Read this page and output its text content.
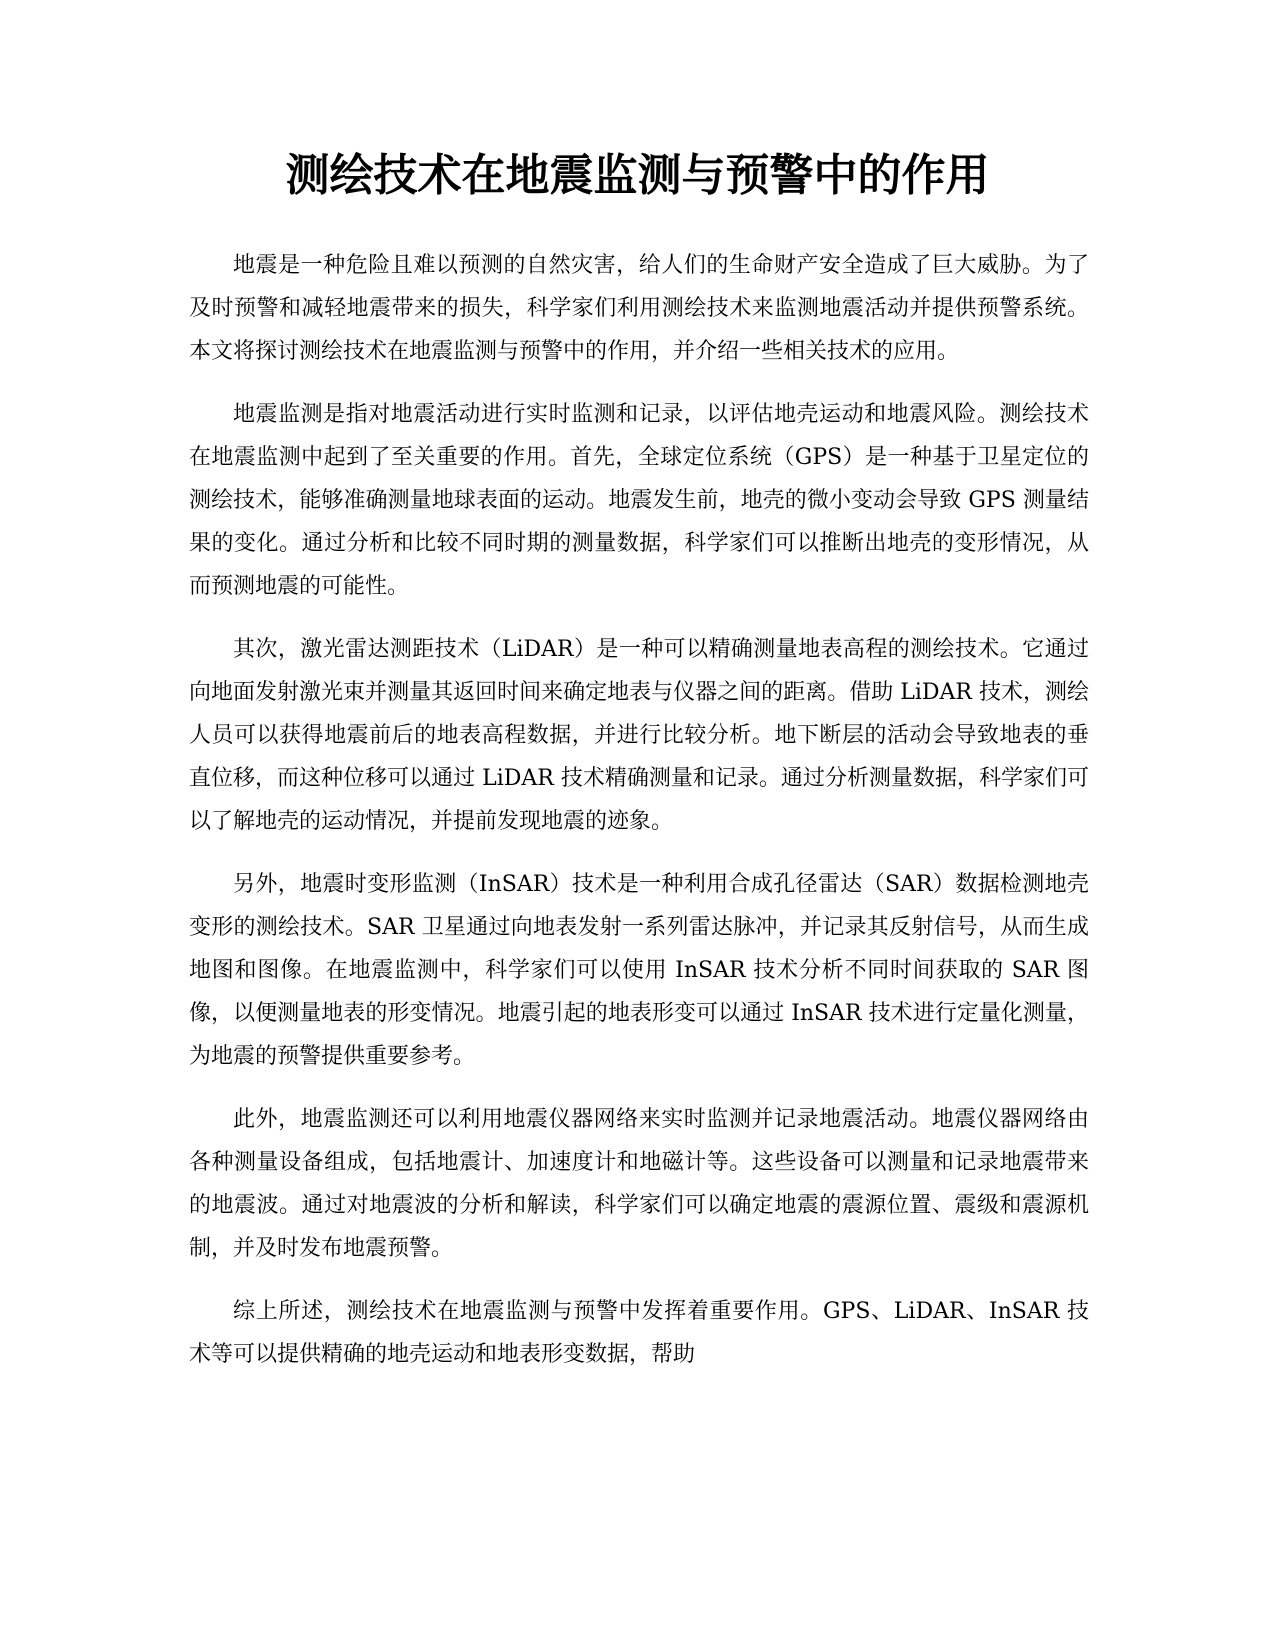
测绘技术在地震监测与预警中的作用

地震是一种危险且难以预测的自然灾害，给人们的生命财产安全造成了巨大威胁。为了及时预警和减轻地震带来的损失，科学家们利用测绘技术来监测地震活动并提供预警系统。本文将探讨测绘技术在地震监测与预警中的作用，并介绍一些相关技术的应用。

地震监测是指对地震活动进行实时监测和记录，以评估地壳运动和地震风险。测绘技术在地震监测中起到了至关重要的作用。首先，全球定位系统（GPS）是一种基于卫星定位的测绘技术，能够准确测量地球表面的运动。地震发生前，地壳的微小变动会导致 GPS 测量结果的变化。通过分析和比较不同时期的测量数据，科学家们可以推断出地壳的变形情况，从而预测地震的可能性。

其次，激光雷达测距技术（LiDAR）是一种可以精确测量地表高程的测绘技术。它通过向地面发射激光束并测量其返回时间来确定地表与仪器之间的距离。借助 LiDAR 技术，测绘人员可以获得地震前后的地表高程数据，并进行比较分析。地下断层的活动会导致地表的垂直位移，而这种位移可以通过 LiDAR 技术精确测量和记录。通过分析测量数据，科学家们可以了解地壳的运动情况，并提前发现地震的迹象。

另外，地震时变形监测（InSAR）技术是一种利用合成孔径雷达（SAR）数据检测地壳变形的测绘技术。SAR 卫星通过向地表发射一系列雷达脉冲，并记录其反射信号，从而生成地图和图像。在地震监测中，科学家们可以使用 InSAR 技术分析不同时间获取的 SAR 图像，以便测量地表的形变情况。地震引起的地表形变可以通过 InSAR 技术进行定量化测量，为地震的预警提供重要参考。

此外，地震监测还可以利用地震仪器网络来实时监测并记录地震活动。地震仪器网络由各种测量设备组成，包括地震计、加速度计和地磁计等。这些设备可以测量和记录地震带来的地震波。通过对地震波的分析和解读，科学家们可以确定地震的震源位置、震级和震源机制，并及时发布地震预警。

综上所述，测绘技术在地震监测与预警中发挥着重要作用。GPS、LiDAR、InSAR 技术等可以提供精确的地壳运动和地表形变数据，帮助
